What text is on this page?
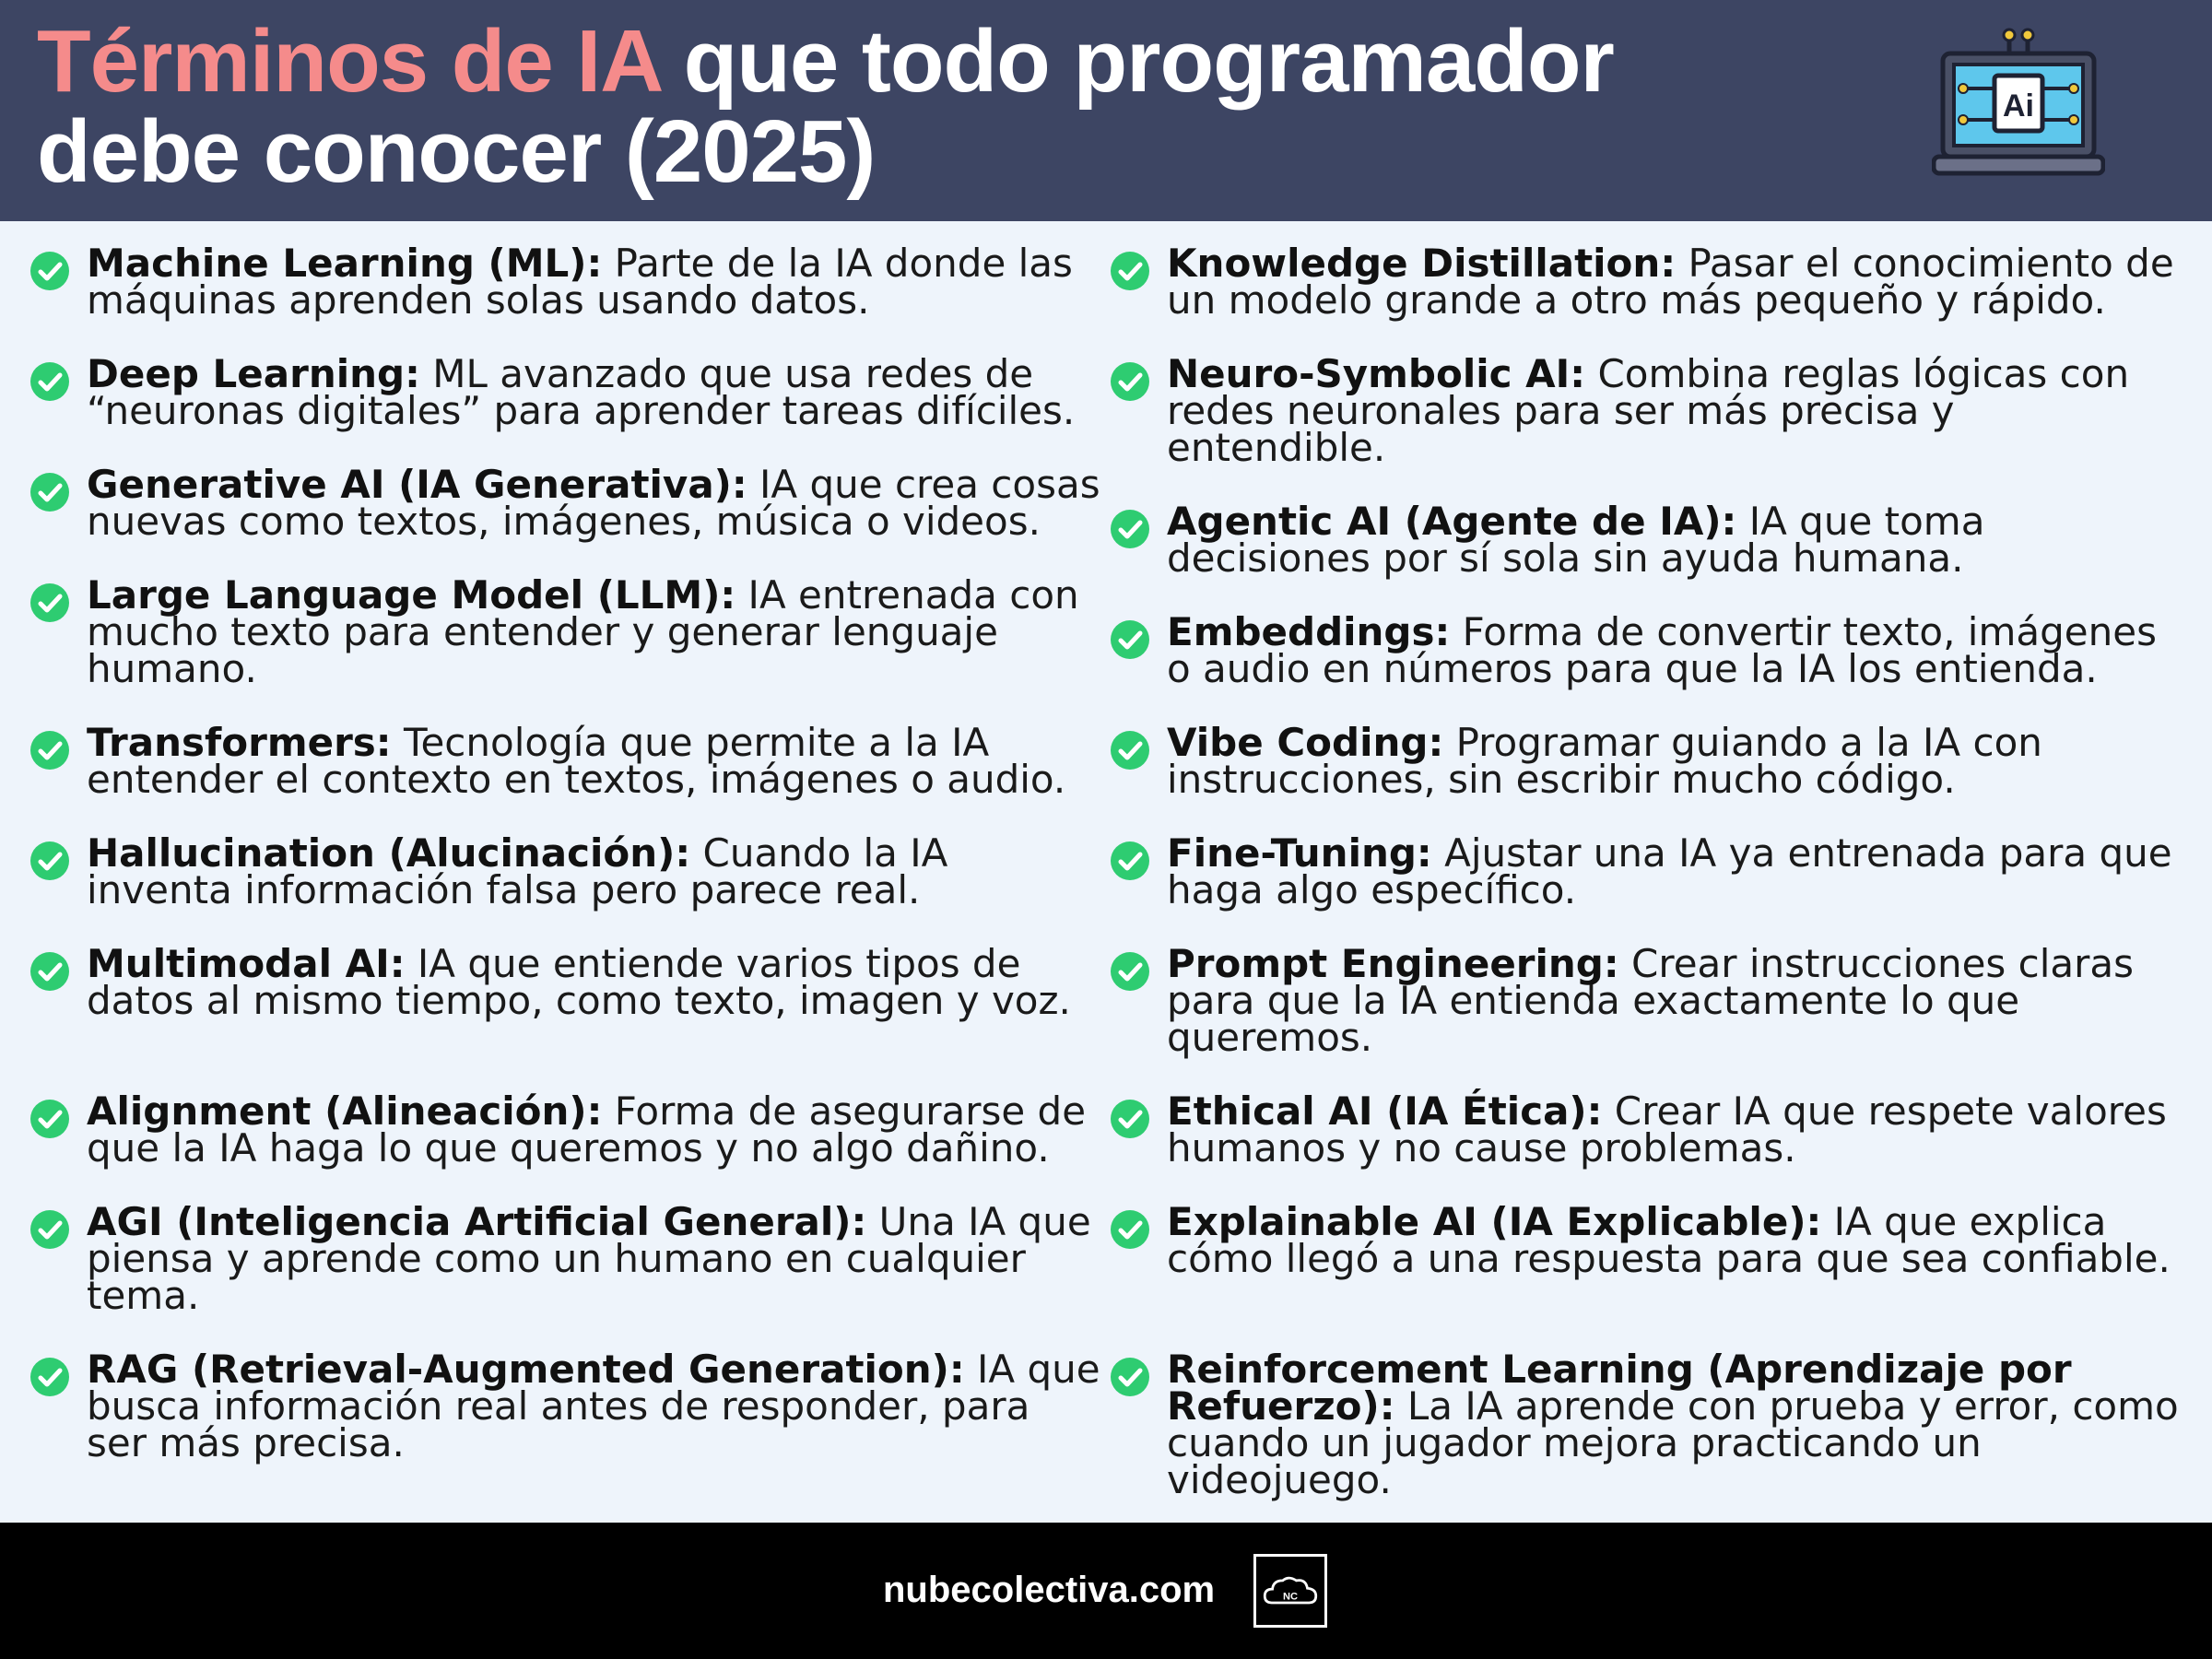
Términos de IA que todo programador debe conocer (2025)	Ai
Machine Learning (ML): Parte de la IA donde las máquinas aprenden solas usando datos.
Deep Learning: ML avanzado que usa redes de “neuronas digitales” para aprender tareas difíciles.
Generative AI (IA Generativa): IA que crea cosas nuevas como textos, imágenes, música o videos.
Large Language Model (LLM): IA entrenada con mucho texto para entender y generar lenguaje humano.
Transformers: Tecnología que permite a la IA entender el contexto en textos, imágenes o audio.
Hallucination (Alucinación): Cuando la IA inventa información falsa pero parece real.
Multimodal AI: IA que entiende varios tipos de datos al mismo tiempo, como texto, imagen y voz.
Alignment (Alineación): Forma de asegurarse de que la IA haga lo que queremos y no algo dañino.
AGI (Inteligencia Artificial General): Una IA que piensa y aprende como un humano en cualquier tema.
RAG (Retrieval-Augmented Generation): IA que busca información real antes de responder, para ser más precisa.
Knowledge Distillation: Pasar el conocimiento de un modelo grande a otro más pequeño y rápido.
Neuro-Symbolic AI: Combina reglas lógicas con redes neuronales para ser más precisa y entendible.
Agentic AI (Agente de IA): IA que toma decisiones por sí sola sin ayuda humana.
Embeddings: Forma de convertir texto, imágenes o audio en números para que la IA los entienda.
Vibe Coding: Programar guiando a la IA con instrucciones, sin escribir mucho código.
Fine-Tuning: Ajustar una IA ya entrenada para que haga algo específico.
Prompt Engineering: Crear instrucciones claras para que la IA entienda exactamente lo que queremos.
Ethical AI (IA Ética): Crear IA que respete valores humanos y no cause problemas.
Explainable AI (IA Explicable): IA que explica cómo llegó a una respuesta para que sea confiable.
Reinforcement Learning (Aprendizaje por Refuerzo): La IA aprende con prueba y error, como cuando un jugador mejora practicando un videojuego.
nubecolectiva.com	NC
